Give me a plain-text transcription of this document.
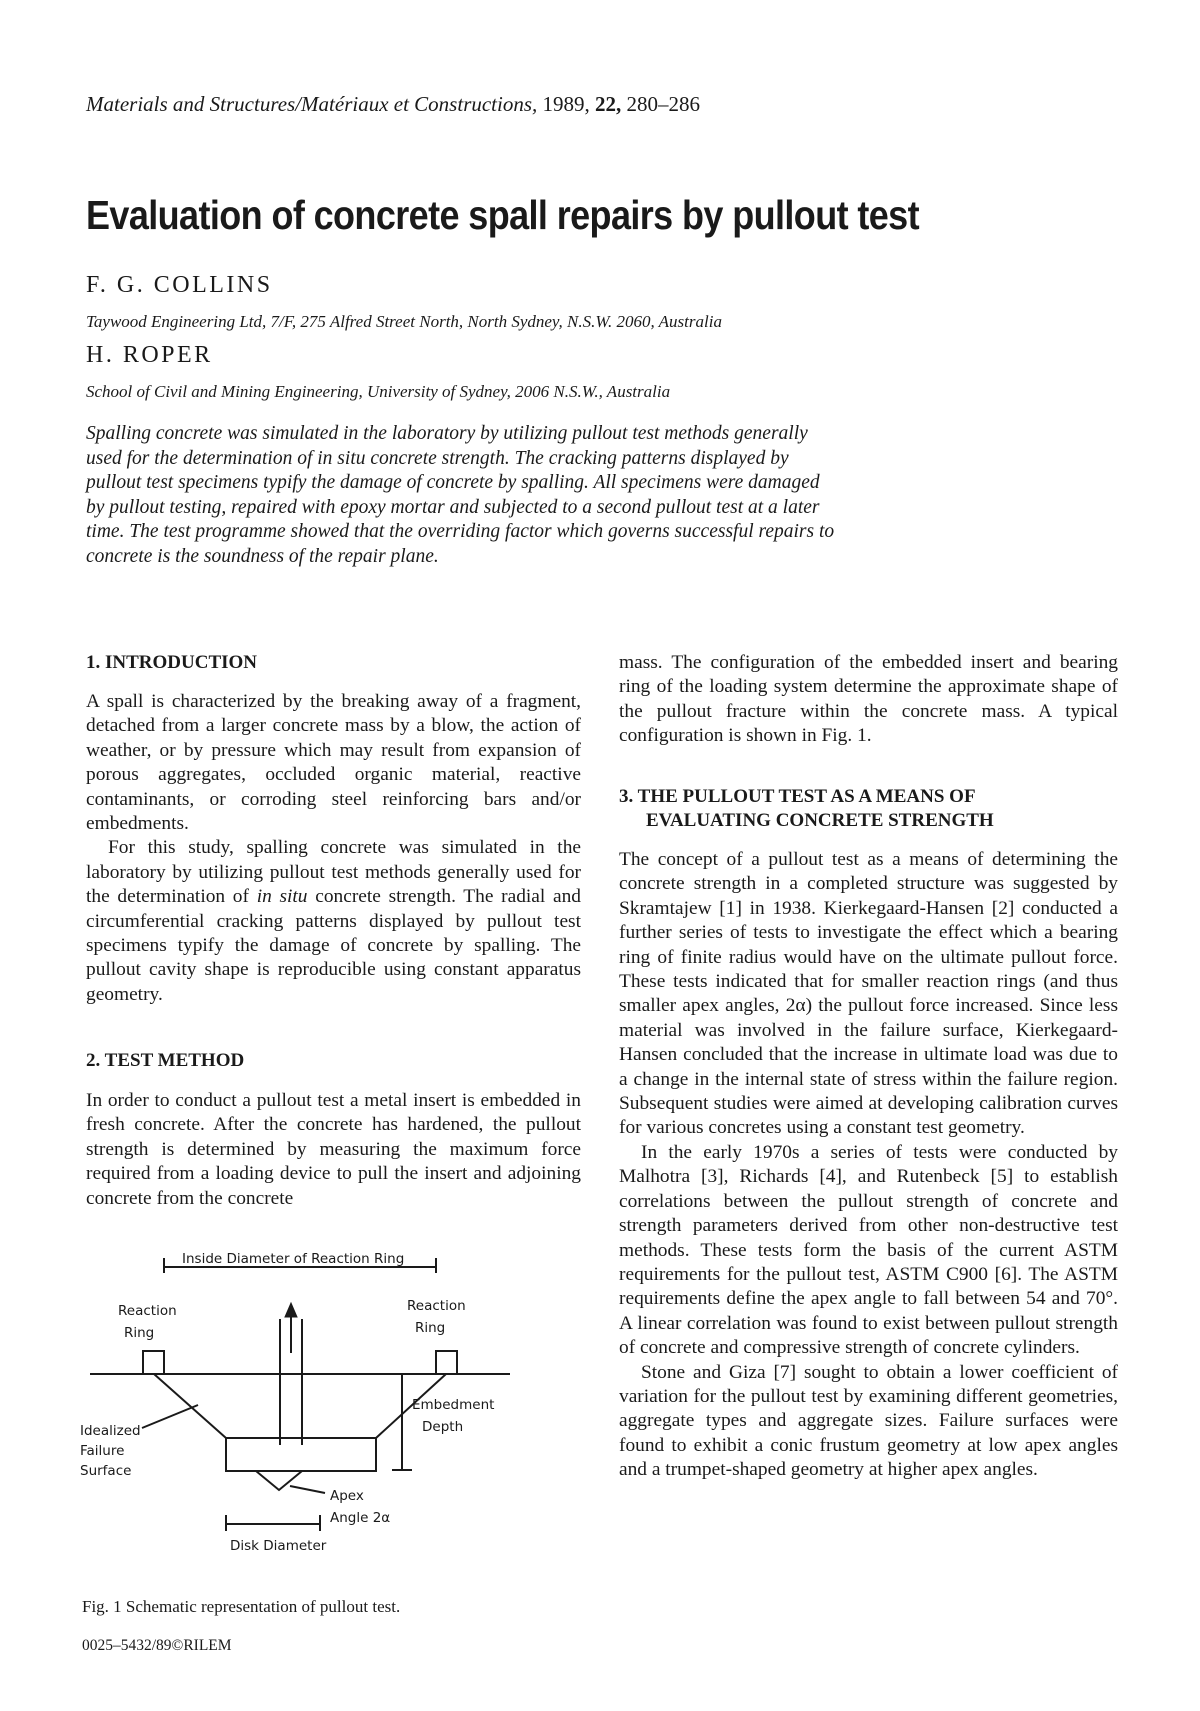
Materials and Structures/Matériaux et Constructions, 1989, 22, 280–286
Evaluation of concrete spall repairs by pullout test
F. G. COLLINS
Taywood Engineering Ltd, 7/F, 275 Alfred Street North, North Sydney, N.S.W. 2060, Australia
H. ROPER
School of Civil and Mining Engineering, University of Sydney, 2006 N.S.W., Australia
Spalling concrete was simulated in the laboratory by utilizing pullout test methods generally
used for the determination of in situ concrete strength. The cracking patterns displayed by
pullout test specimens typify the damage of concrete by spalling. All specimens were damaged
by pullout testing, repaired with epoxy mortar and subjected to a second pullout test at a later
time. The test programme showed that the overriding factor which governs successful repairs to
concrete is the soundness of the repair plane.
1. INTRODUCTION

A spall is characterized by the breaking away of a fragment, detached from a larger concrete mass by a blow, the action of weather, or by pressure which may result from expansion of porous aggregates, occluded organic material, reactive contaminants, or corroding steel reinforcing bars and/or embedments.

For this study, spalling concrete was simulated in the laboratory by utilizing pullout test methods generally used for the determination of in situ concrete strength. The radial and circumferential cracking patterns displayed by pullout test specimens typify the damage of concrete by spalling. The pullout cavity shape is reproducible using constant apparatus geometry.

2. TEST METHOD

In order to conduct a pullout test a metal insert is embedded in fresh concrete. After the concrete has hardened, the pullout strength is determined by measuring the maximum force required from a loading device to pull the insert and adjoining concrete from the concrete

Inside Diameter of Reaction Ring
Reaction
Ring
Embedment
Depth
Reaction
Ring
Idealized
Failure
Surface
Apex
Angle 2α
Disk Diameter
Fig. 1 Schematic representation of pullout test.
0025–5432/89©RILEM

mass. The configuration of the embedded insert and bearing ring of the loading system determine the approximate shape of the pullout fracture within the concrete mass. A typical configuration is shown in Fig. 1.

3. THE PULLOUT TEST AS A MEANS OF
EVALUATING CONCRETE STRENGTH

The concept of a pullout test as a means of determining the concrete strength in a completed structure was suggested by Skramtajew [1] in 1938. Kierkegaard-Hansen [2] conducted a further series of tests to investigate the effect which a bearing ring of finite radius would have on the ultimate pullout force. These tests indicated that for smaller reaction rings (and thus smaller apex angles, 2α) the pullout force increased. Since less material was involved in the failure surface, Kierkegaard-Hansen concluded that the increase in ultimate load was due to a change in the internal state of stress within the failure region. Subsequent studies were aimed at developing calibration curves for various concretes using a constant test geometry.

In the early 1970s a series of tests were conducted by Malhotra [3], Richards [4], and Rutenbeck [5] to establish correlations between the pullout strength of concrete and strength parameters derived from other non-destructive test methods. These tests form the basis of the current ASTM requirements for the pullout test, ASTM C900 [6]. The ASTM requirements define the apex angle to fall between 54 and 70°. A linear correlation was found to exist between pullout strength of concrete and compressive strength of concrete cylinders.

Stone and Giza [7] sought to obtain a lower coefficient of variation for the pullout test by examining different geometries, aggregate types and aggregate sizes. Failure surfaces were found to exhibit a conic frustum geometry at low apex angles and a trumpet-shaped geometry at higher apex angles.
